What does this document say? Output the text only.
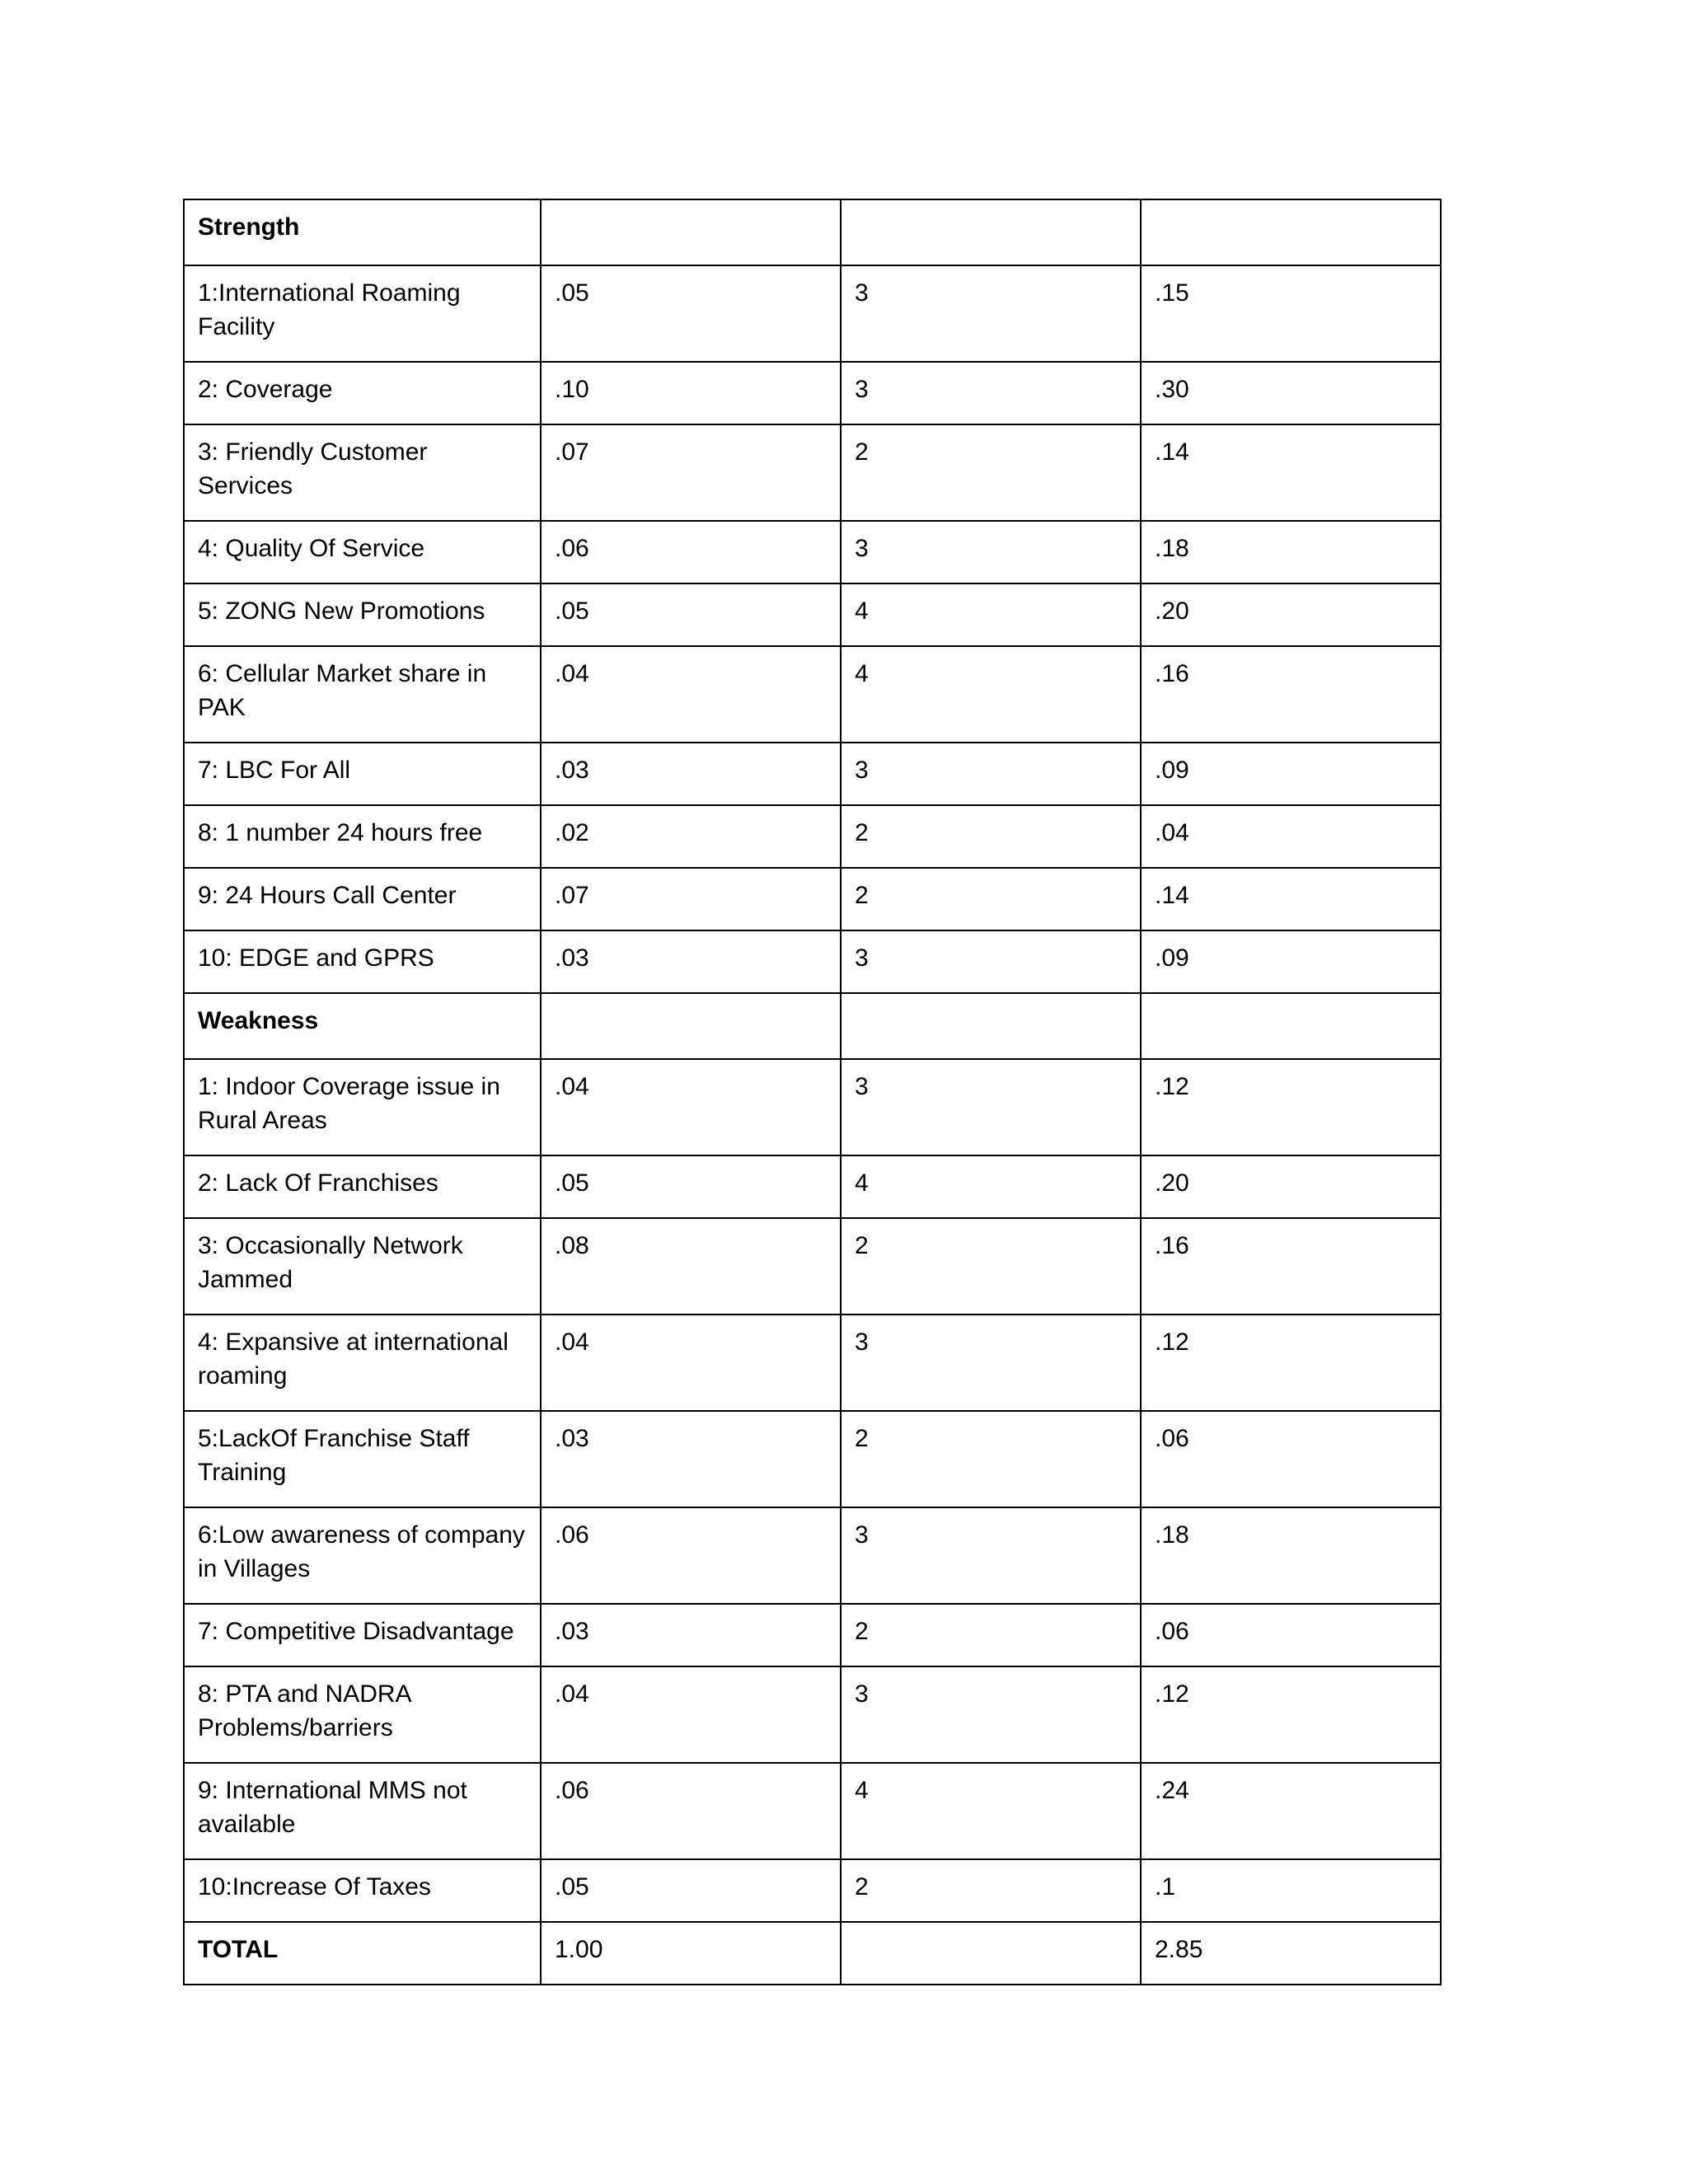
Strength			
1:International Roaming Facility	.05	3	.15
2: Coverage	.10	3	.30
3: Friendly Customer Services	.07	2	.14
4: Quality Of Service	.06	3	.18
5: ZONG New Promotions	.05	4	.20
6: Cellular Market share in PAK	.04	4	.16
7: LBC For All	.03	3	.09
8: 1 number 24 hours free	.02	2	.04
9: 24 Hours Call Center	.07	2	.14
10: EDGE and GPRS	.03	3	.09
Weakness			
1: Indoor Coverage issue in Rural Areas	.04	3	.12
2: Lack Of Franchises	.05	4	.20
3: Occasionally Network Jammed	.08	2	.16
4: Expansive at international roaming	.04	3	.12
5:LackOf Franchise Staff Training	.03	2	.06
6:Low awareness of company in Villages	.06	3	.18
7: Competitive Disadvantage	.03	2	.06
8: PTA and NADRA Problems/barriers	.04	3	.12
9: International MMS not available	.06	4	.24
10:Increase Of Taxes	.05	2	.1
TOTAL	1.00		2.85
